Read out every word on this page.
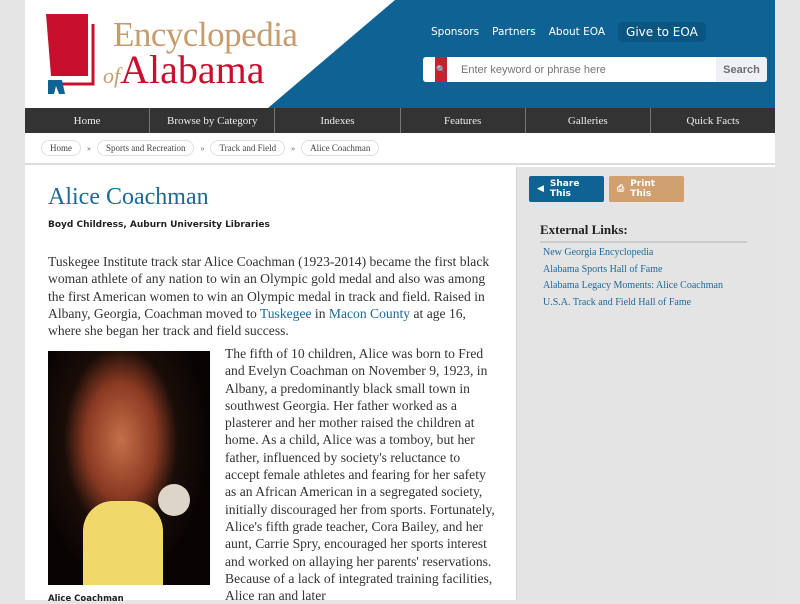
Encyclopedia
ofAlabama
Sponsors Partners About EOA	Give to EOA
🔍
Enter keyword or phrase here	Search
Home	Browse by Category	Indexes	Features	Galleries	Quick Facts
Home	»	Sports and Recreation	»	Track and Field	»	Alice Coachman
Alice Coachman
Boyd Childress, Auburn University Libraries

Tuskegee Institute track star Alice Coachman (1923-2014) became the first black woman athlete of any nation to win an Olympic gold medal and also was among the first American women to win an Olympic medal in track and field. Raised in Albany, Georgia, Coachman moved to Tuskegee in Macon County at age 16, where she began her track and field success.

Alice Coachman

The fifth of 10 children, Alice was born to Fred and Evelyn Coachman on November 9, 1923, in Albany, a predominantly black small town in southwest Georgia. Her father worked as a plasterer and her mother raised the children at home. As a child, Alice was a tomboy, but her father, influenced by society's reluctance to accept female athletes and fearing for her safety as an African American in a segregated society, initially discouraged her from sports. Fortunately, Alice's fifth grade teacher, Cora Bailey, and her aunt, Carrie Spry, encouraged her sports interest and worked on allaying her parents' reservations. Because of a lack of integrated training facilities, Alice ran and later

◀ Share This	⎙ Print This
External Links:
New Georgia Encyclopedia
Alabama Sports Hall of Fame
Alabama Legacy Moments: Alice Coachman
U.S.A. Track and Field Hall of Fame
